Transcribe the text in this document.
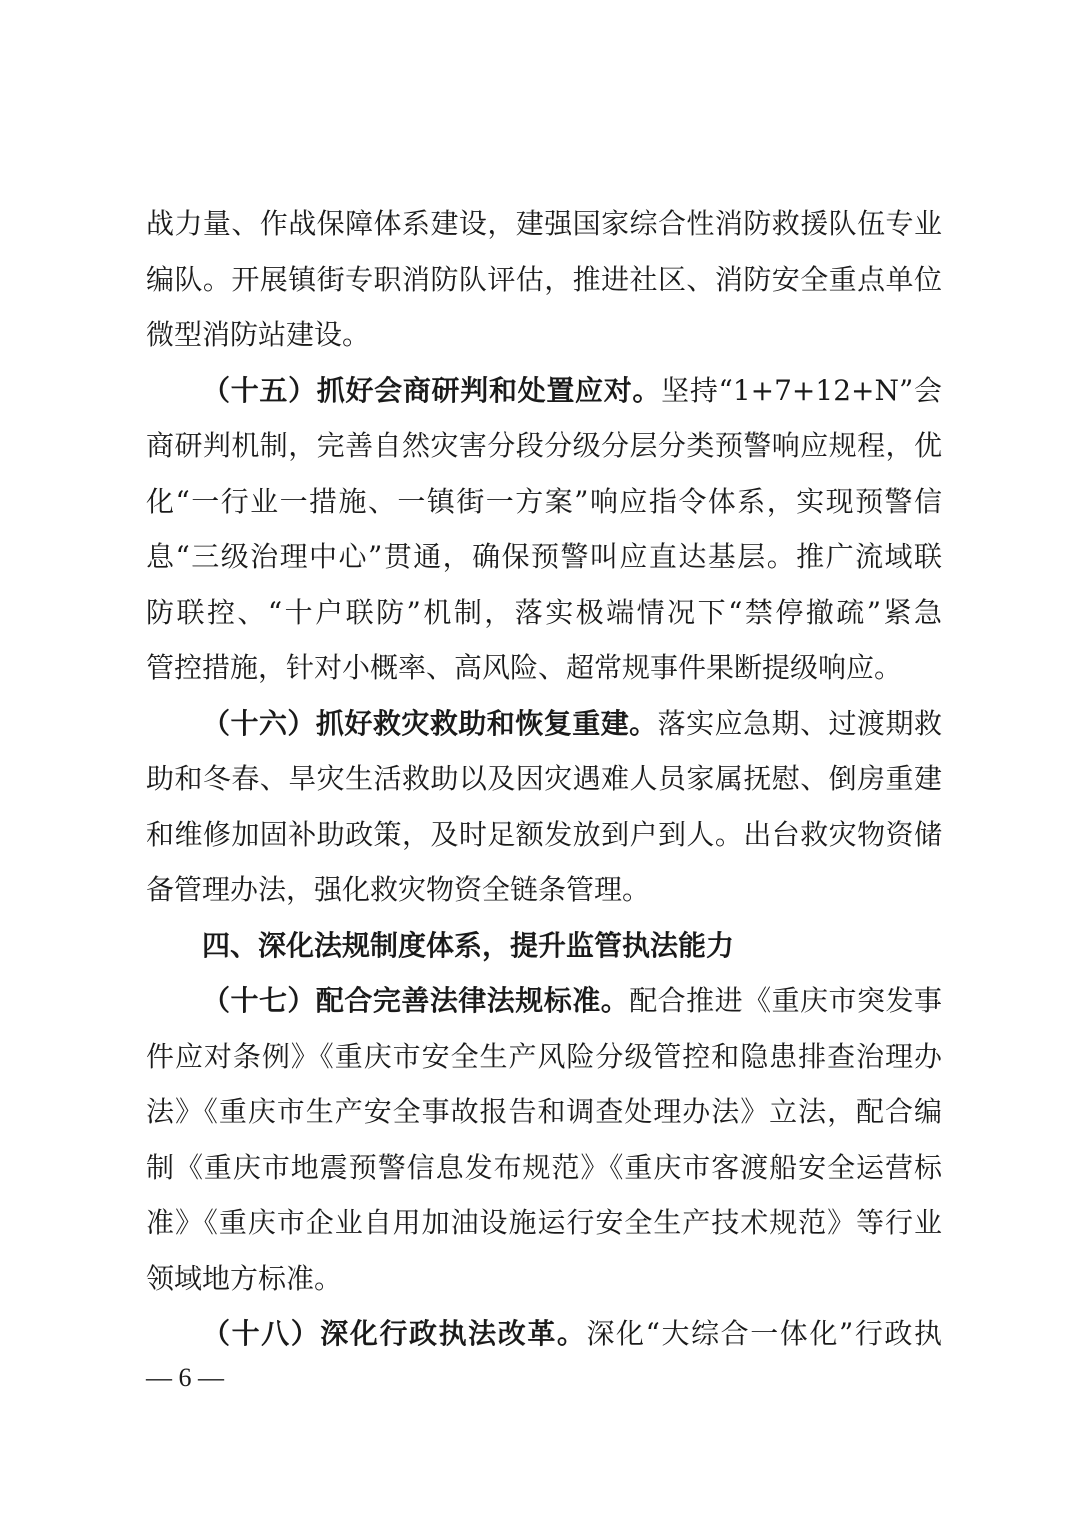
战力量、作战保障体系建设，建强国家综合性消防救援队伍专业
编队。开展镇街专职消防队评估，推进社区、消防安全重点单位
微型消防站建设。
（十五）抓好会商研判和处置应对。坚持“1+7+12+N”会
商研判机制，完善自然灾害分段分级分层分类预警响应规程，优
化“一行业一措施、一镇街一方案”响应指令体系，实现预警信
息“三级治理中心”贯通，确保预警叫应直达基层。推广流域联
防联控、“十户联防”机制，落实极端情况下“禁停撤疏”紧急
管控措施，针对小概率、高风险、超常规事件果断提级响应。
（十六）抓好救灾救助和恢复重建。落实应急期、过渡期救
助和冬春、旱灾生活救助以及因灾遇难人员家属抚慰、倒房重建
和维修加固补助政策，及时足额发放到户到人。出台救灾物资储
备管理办法，强化救灾物资全链条管理。
四、深化法规制度体系，提升监管执法能力
（十七）配合完善法律法规标准。配合推进《重庆市突发事
件应对条例》《重庆市安全生产风险分级管控和隐患排查治理办
法》《重庆市生产安全事故报告和调查处理办法》立法，配合编
制《重庆市地震预警信息发布规范》《重庆市客渡船安全运营标
准》《重庆市企业自用加油设施运行安全生产技术规范》等行业
领域地方标准。
（十八）深化行政执法改革。深化“大综合一体化”行政执
— 6 —
